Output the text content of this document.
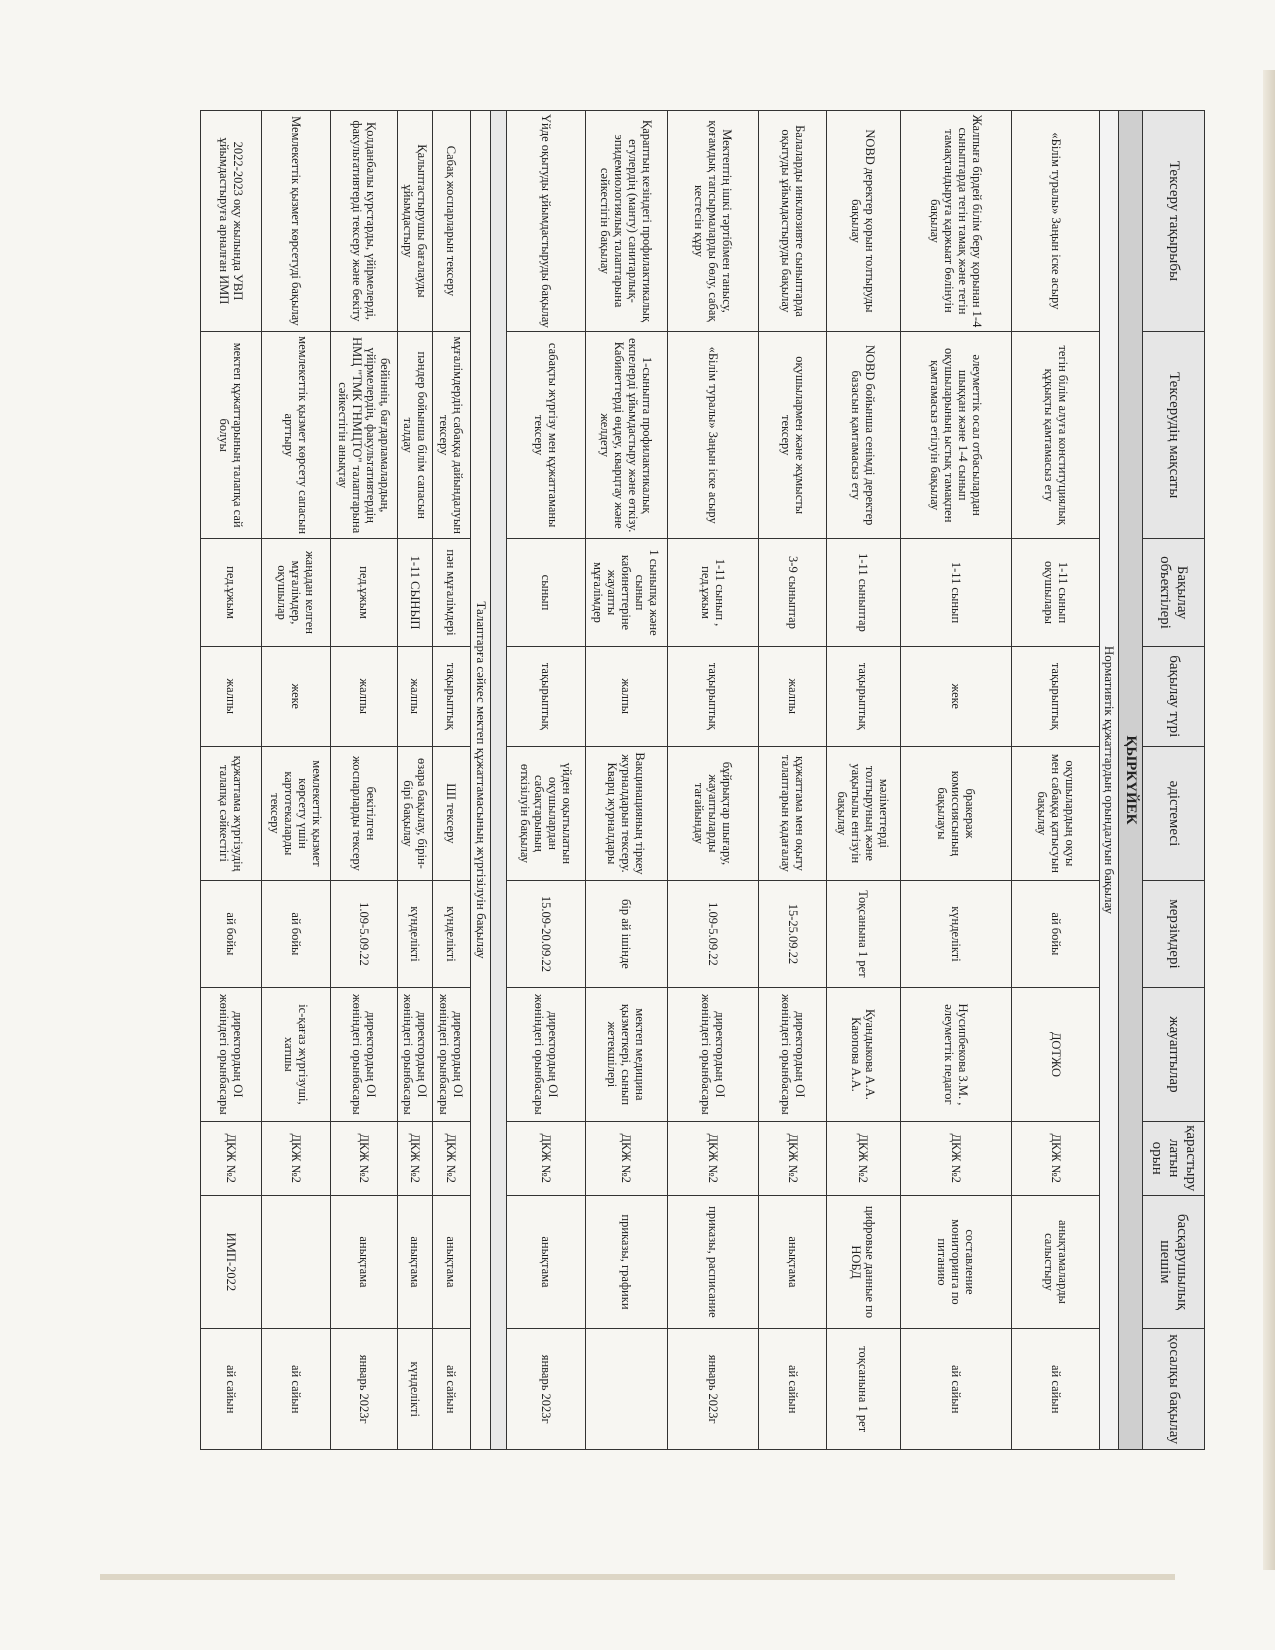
Тексеру тақырыбы	Тексерудің мақсаты	Бақылау объектілері	бақылау түрі	әдістемесі	мерзімдері	жауаптылар	қарастыру латын орын	басқарушылық шешім	қосалқы бақылау
ҚЫРКҮЙЕК									
Нормативтік құжаттардың орындалуын бақылау									
«Білім туралы» Заңын іске асыру	тегін білім алуға конституциялық құқықты қамтамасыз ету	1-11 сынып оқушылары	тақырыптық	оқушылардың оқуы мен сабаққа қатысуын бақылау	ай бойы	ДОТЖО	ДКЖ №2	анықтамаларды салыстыру	ай сайын
Жалпыға бірдей білім беру қорынан 1-4 сыныптарда тегін тамақ және тегін тамақтандыруға қаржыат бөлінуін бақылау	әлеуметтік осал отбасылардан шыққан және 1-4 сынып оқушыларының ыстық тамақпен қамтамасыз етілуін бақылау	1-11 сынып	жеке	бракераж комиссиясының бақылауы	күнделікті	Нусипбекова З.М. , әлеуметтік педагог	ДКЖ №2	составление мониторинга по питанию	ай сайын
NOBD деректер қорын толтыруды бақылау	NOBD бойынша сенімді деректер базасын қамтамасыз ету	1-11 сыныптар	тақырыптық	мәліметтерді толтыруның және уақытылы енгізуін бақылау	Тоқсанына 1 рет	Куандыкова А.А. Каюпова А.А.	ДКЖ №2	цифровые данные по НОБД	тоқсанына 1 рет
Балаларды инклюзивте сыныптарда оқытуды ұйымдастыруды бақылау	оқушылармен және жұмысты тексеру	3-9 сыныптар	жалпы	құжаттама мен оқыту талаптарын қадағалау	15-25.09.22	директордың ОІ жөніндегі орынбасары	ДКЖ №2	анықтама	ай сайын
Мектептің ішкі тәртібімен танысу, қоғамдық тапсырмаларды бөлу, сабақ кестесін құру	«Білім туралы» Заңын іске асыру	1-11 сынып , пед.ұжым	тақырыптық	бұйрықтар шығару, жауаптыларды тағайындау	1.09-5.09.22	директордың ОІ жөніндегі орынбасары	ДКЖ №2	приказы, расписание	январь 2023г
Қараптың кезіндегі профилактикалық егулердің (манту) санитарлық-эпидемиологиялық талаптарына сәйкестігін бақылау	1-сыныпта профилактикалық екпелерді ұйымдастыру және өткізу. Кабинеттерді өңдеу, кварцтау және желдету	1 сыныпқа және сынып кабинеттеріне жауапты мұғалімдер	жалпы	Вакцинацияның тіркеу журналдарын тексеру. Кварц журналдары	бір ай ішінде	мектеп медицина қызметкері, сынып жетекшілері	ДКЖ №2	приказы, графики	
Үйде оқытуды ұйымдастыруды бақылау	сабақты жүргізу мен құжаттаманы тексеру	сынып	тақырыптық	үйден оқытылатын оқушылардан сабақтарының өткізілуін бақылау	15.09-20.09.22	директордың ОІ жөніндегі орынбасары	ДКЖ №2	анықтама	январь 2023г

Талаптарға сәйкес мектеп құжаттамасының жүргізілуін бақылау									
Сабақ жоспарларын тексеру	мұғалімдердің сабаққа дайындалуын тексеру	пән мұғалімдері	тақырыптық	ШІ тексеру	күнделікті	директордың ОІ жөніндегі орынбасары	ДКЖ №2	анықтама	ай сайын
Қалыптастырушы бағалауды ұйымдастыру	пәндер бойынша білім сапасын талдау	1-11 СЫНЫП	жалпы	өзара бақылау, бірін-бірі бақылау	күнделікті	директордың ОІ жөніндегі орынбасары	ДКЖ №2	анықтама	күнделікті
Қолданбалы курстарды, үйірмелерді, факультативтерді тексеру және бекіту	бейіннің, бағдарламалардың, үйірмелердің, факультативтердің НМЦ "ТМК ГНМЦТО" талаптарына сәйкестігін анықтау	пед.ұжым	жалпы	бекітілген жоспарларды тексеру	1.09-5.09.22	директордың ОІ жөніндегі орынбасары	ДКЖ №2	анықтама	январь 2023г
Мемлекеттік қызмет көрсетуді бақылау	мемлекеттік қызмет көрсету сапасын арттыру	жаңадан келген мұғалімдер, оқушылар	жеке	мемлекеттік қызмет көрсету үшін картотекаларды тексеру	ай бойы	іс-қағаз жүргізуші, хатшы	ДКЖ №2		ай сайын
2022-2023 оқу жылында УВП ұйымдастыруға арналған ИМП	мектеп құжаттарының талапқа сай болуы	пед.ұжым	жалпы	құжаттама жүргізудің талапқа сәйкестігі	ай бойы	директордың ОІ жөніндегі орынбасары	ДКЖ №2	ИМП-2022	ай сайын
